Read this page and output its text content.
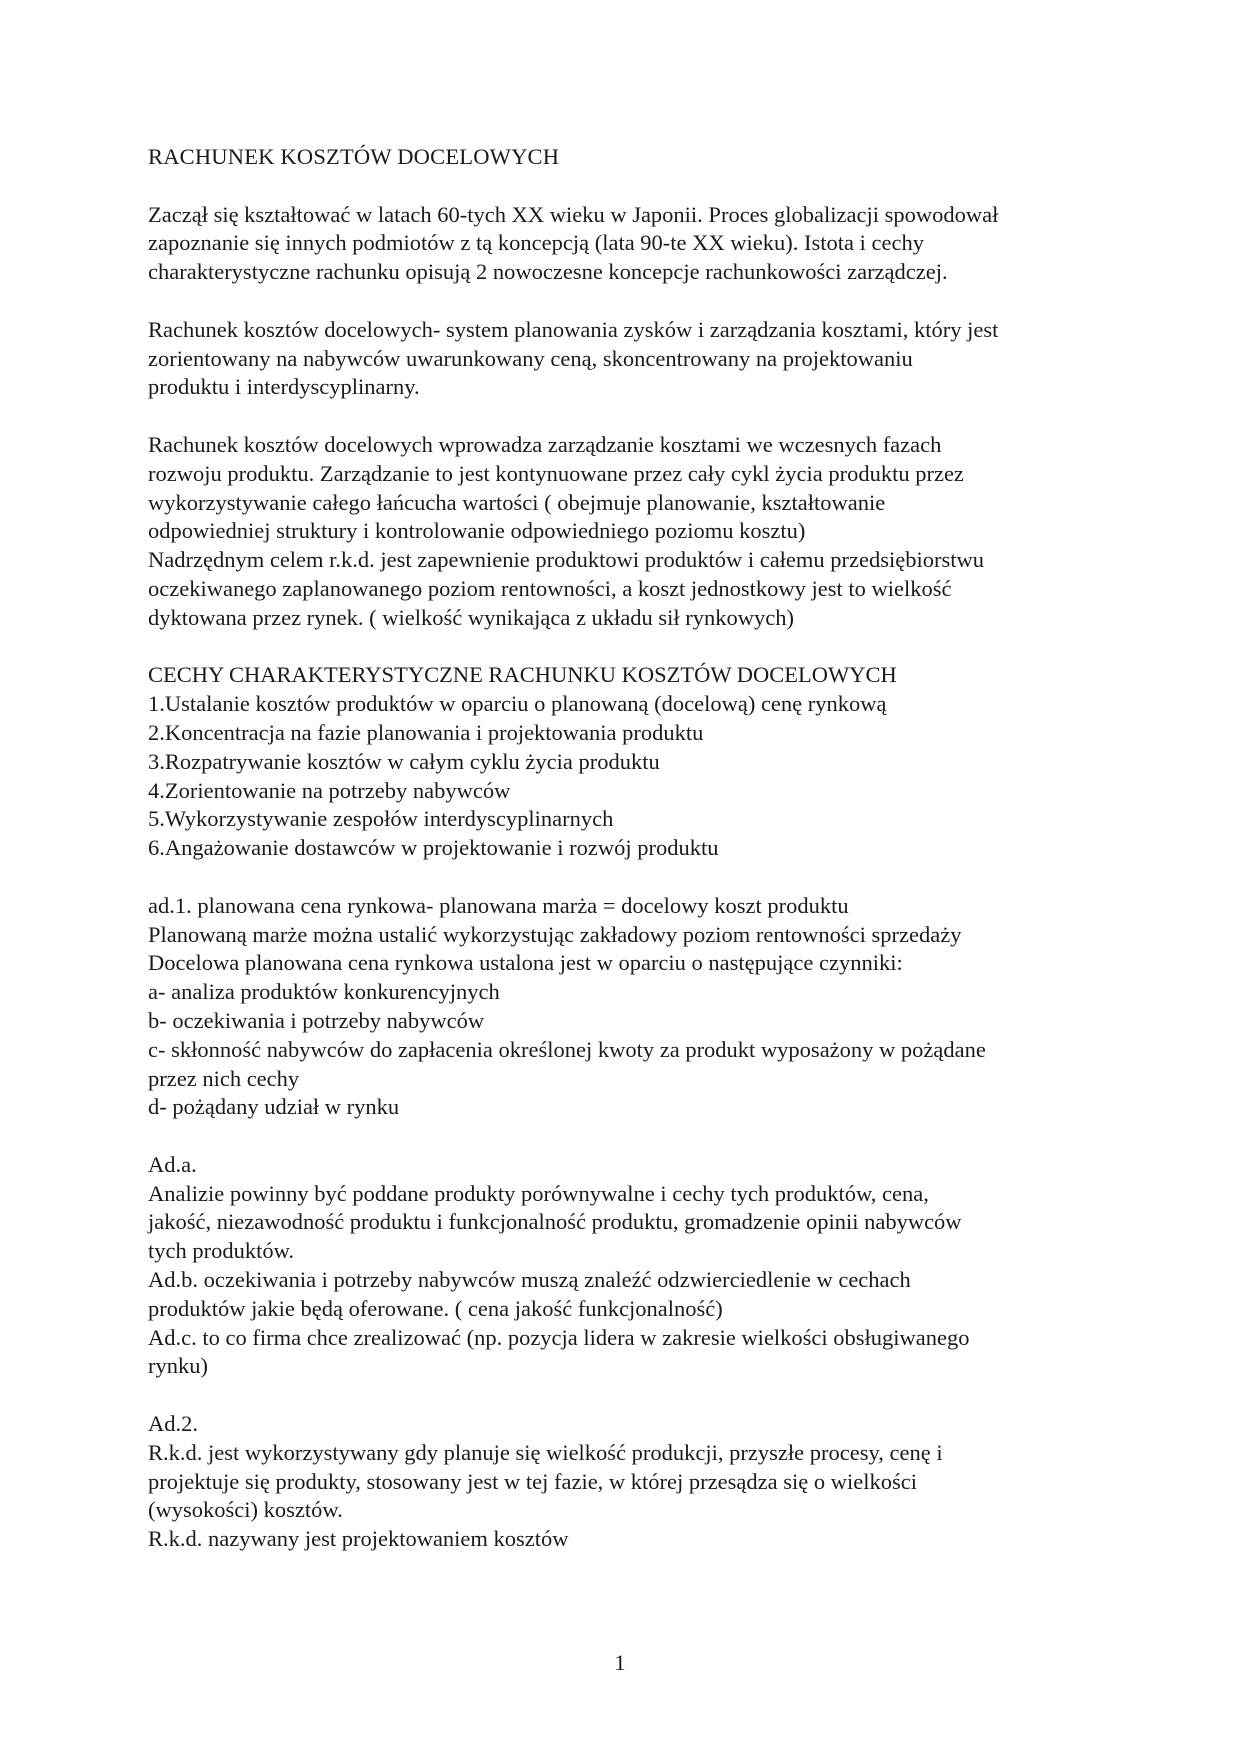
RACHUNEK KOSZTÓW DOCELOWYCH
Zaczął się kształtować w latach 60-tych XX wieku w Japonii. Proces globalizacji spowodował
zapoznanie się innych podmiotów z tą koncepcją (lata 90-te XX wieku). Istota i cechy
charakterystyczne rachunku opisują 2 nowoczesne koncepcje rachunkowości zarządczej.
Rachunek kosztów docelowych- system planowania zysków i zarządzania kosztami, który jest
zorientowany na nabywców uwarunkowany ceną, skoncentrowany na projektowaniu
produktu i interdyscyplinarny.
Rachunek kosztów docelowych wprowadza zarządzanie kosztami we wczesnych fazach
rozwoju produktu. Zarządzanie to jest kontynuowane przez cały cykl życia produktu przez
wykorzystywanie całego łańcucha wartości ( obejmuje planowanie, kształtowanie
odpowiedniej struktury i kontrolowanie odpowiedniego poziomu kosztu)
Nadrzędnym celem r.k.d. jest zapewnienie produktowi produktów i całemu przedsiębiorstwu
oczekiwanego zaplanowanego poziom rentowności, a koszt jednostkowy jest to wielkość
dyktowana przez rynek. ( wielkość wynikająca z układu sił rynkowych)
CECHY CHARAKTERYSTYCZNE RACHUNKU KOSZTÓW DOCELOWYCH
1.Ustalanie kosztów produktów w oparciu o planowaną (docelową) cenę rynkową
2.Koncentracja na fazie planowania i projektowania produktu
3.Rozpatrywanie kosztów w całym cyklu życia produktu
4.Zorientowanie na potrzeby nabywców
5.Wykorzystywanie zespołów interdyscyplinarnych
6.Angażowanie dostawców w projektowanie i rozwój produktu
ad.1. planowana cena rynkowa- planowana marża = docelowy koszt produktu
Planowaną marże można ustalić wykorzystując zakładowy poziom rentowności sprzedaży
Docelowa planowana cena rynkowa ustalona jest w oparciu o następujące czynniki:
a- analiza produktów konkurencyjnych
b- oczekiwania i potrzeby nabywców
c- skłonność nabywców do zapłacenia określonej kwoty za produkt wyposażony w pożądane
przez nich cechy
d- pożądany udział w rynku
Ad.a.
Analizie powinny być poddane produkty porównywalne i cechy tych produktów, cena,
jakość, niezawodność produktu i funkcjonalność produktu, gromadzenie opinii nabywców
tych produktów.
Ad.b. oczekiwania i potrzeby nabywców muszą znaleźć odzwierciedlenie w cechach
produktów jakie będą oferowane. ( cena jakość funkcjonalność)
Ad.c. to co firma chce zrealizować (np. pozycja lidera w zakresie wielkości obsługiwanego
rynku)
Ad.2.
R.k.d. jest wykorzystywany gdy planuje się wielkość produkcji, przyszłe procesy, cenę i
projektuje się produkty, stosowany jest w tej fazie, w której przesądza się o wielkości
(wysokości) kosztów.
R.k.d. nazywany jest projektowaniem kosztów
1
